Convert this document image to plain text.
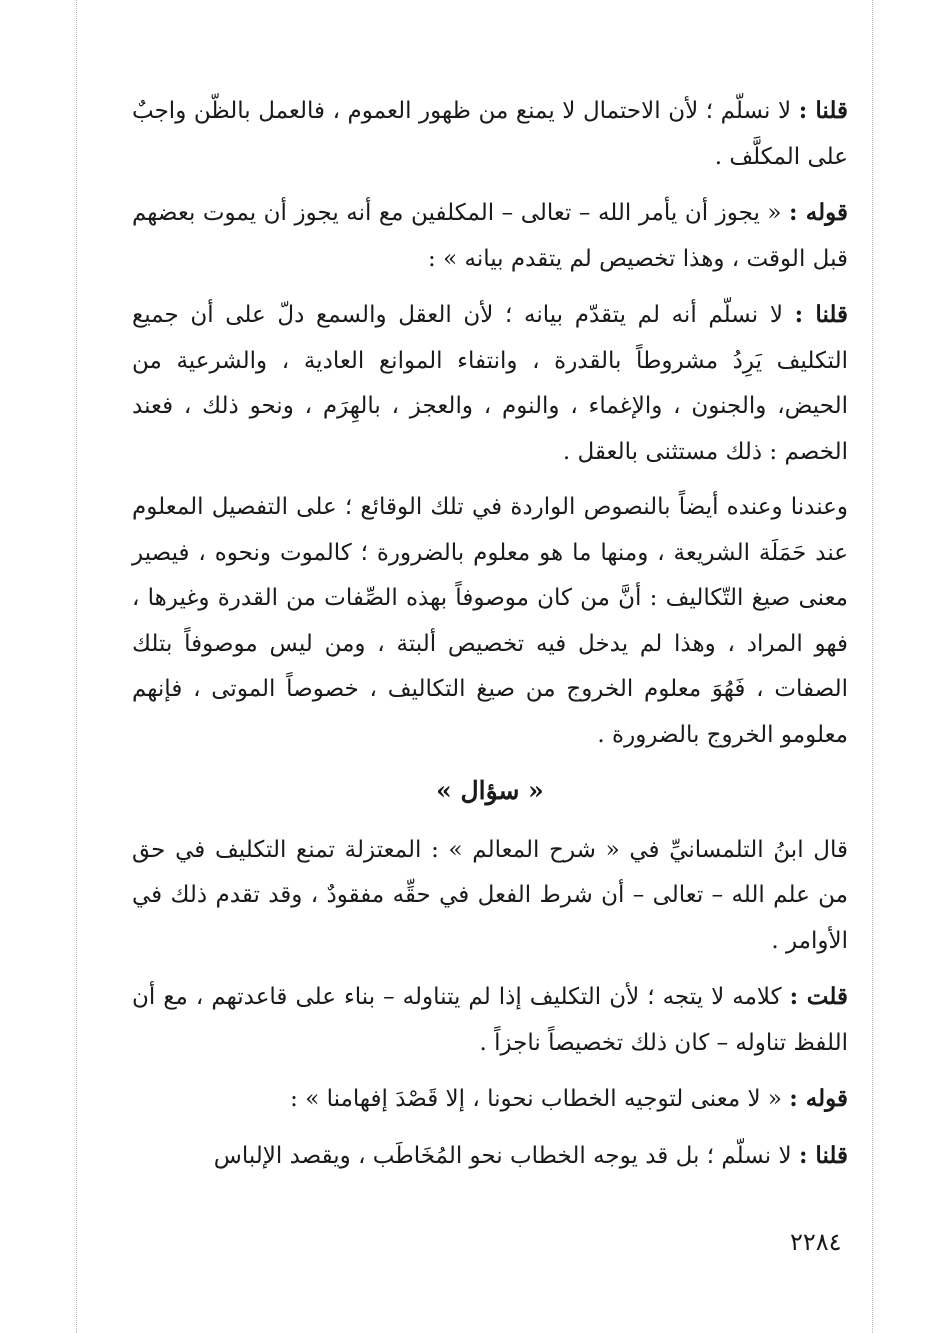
قلنا : لا نسلّم ؛ لأن الاحتمال لا يمنع من ظهور العموم ، فالعمل بالظّن واجبٌ على المكلَّف .

قوله : « يجوز أن يأمر الله – تعالى – المكلفين مع أنه يجوز أن يموت بعضهم قبل الوقت ، وهذا تخصيص لم يتقدم بيانه » :

قلنا : لا نسلّم أنه لم يتقدّم بيانه ؛ لأن العقل والسمع دلّ على أن جميع التكليف يَرِدُ مشروطاً بالقدرة ، وانتفاء الموانع العادية ، والشرعية من الحيض، والجنون ، والإغماء ، والنوم ، والعجز ، بالهِرَم ، ونحو ذلك ، فعند الخصم : ذلك مستثنى بالعقل .

وعندنا وعنده أيضاً بالنصوص الواردة في تلك الوقائع ؛ على التفصيل المعلوم عند حَمَلَة الشريعة ، ومنها ما هو معلوم بالضرورة ؛ كالموت ونحوه ، فيصير معنى صيغ التّكاليف : أنَّ من كان موصوفاً بهذه الصِّفات من القدرة وغيرها ، فهو المراد ، وهذا لم يدخل فيه تخصيص ألبتة ، ومن ليس موصوفاً بتلك الصفات ، فَهُوَ معلوم الخروج من صيغ التكاليف ، خصوصاً الموتى ، فإنهم معلومو الخروج بالضرورة .

« سؤال »

قال ابنُ التلمسانيِّ في « شرح المعالم » : المعتزلة تمنع التكليف في حق من علم الله – تعالى – أن شرط الفعل في حقِّه مفقودٌ ، وقد تقدم ذلك في الأوامر .

قلت : كلامه لا يتجه ؛ لأن التكليف إذا لم يتناوله – بناء على قاعدتهم ، مع أن اللفظ تناوله – كان ذلك تخصيصاً ناجزاً .

قوله : « لا معنى لتوجيه الخطاب نحونا ، إلا قَصْدَ إفهامنا » :

قلنا : لا نسلّم ؛ بل قد يوجه الخطاب نحو المُخَاطَب ، ويقصد الإلباس

٢٢٨٤
